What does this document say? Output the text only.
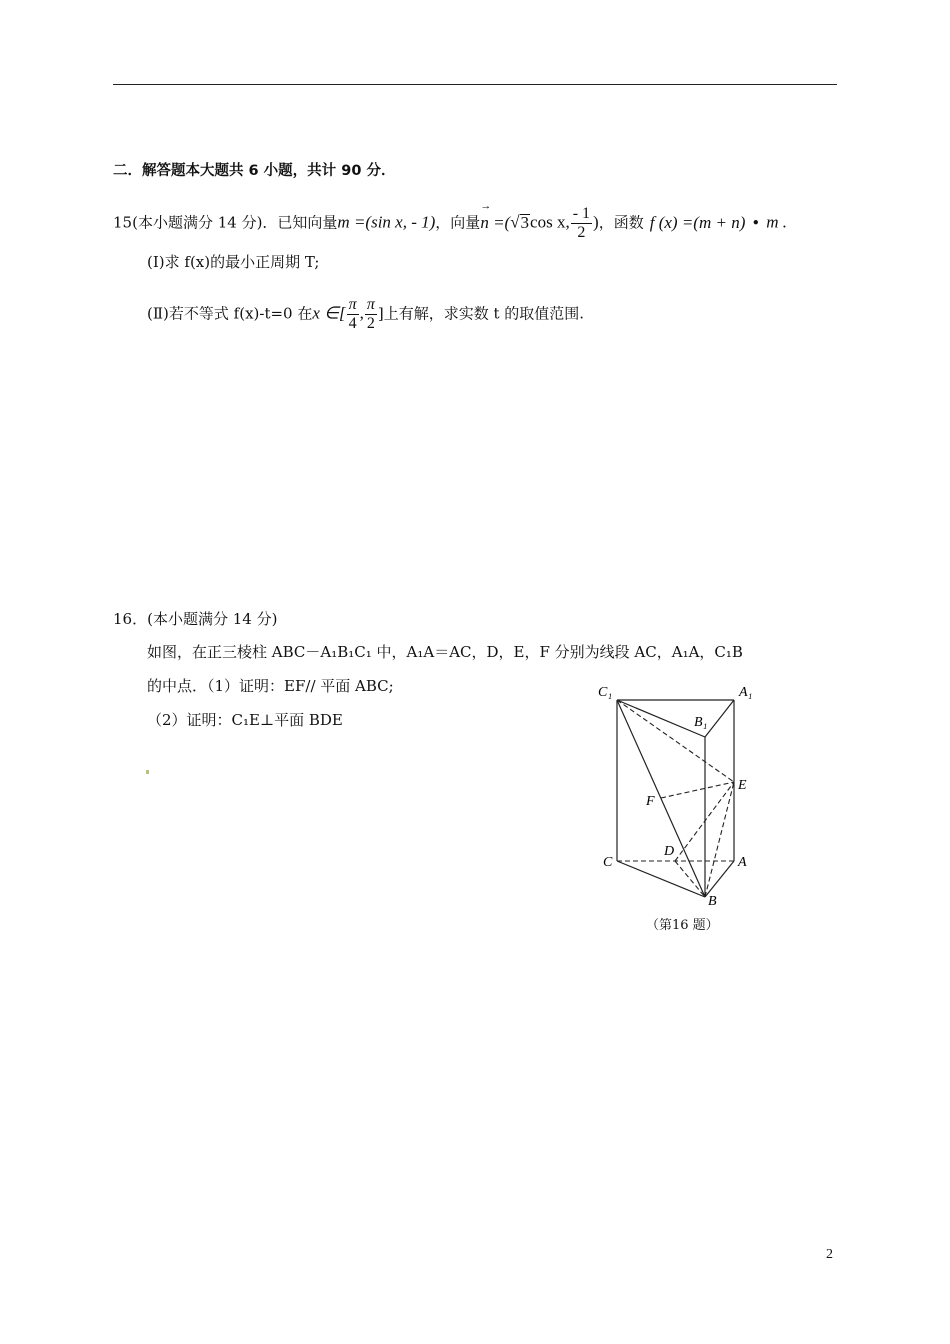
二．解答题本大题共 6 小题，共计 90 分．
15(本小题满分 14 分)．已知向量m =(sin x, - 1)，向量
→
n =(√3cos x, $\frac{- 1}{2}$ )，函数 f (x) =(m + n) • m .
(Ⅰ)求 f(x)的最小正周期 T;
(Ⅱ)若不等式 f(x)-t=0 在x ∈[ $\frac{\pi}{4}$ , $\frac{\pi}{2}$ ]上有解，求实数 t 的取值范围.
16．(本小题满分 14 分)
如图，在正三棱柱 ABC－A₁B₁C₁ 中，A₁A＝AC，D，E，F 分别为线段 AC，A₁A，C₁B
的中点．（1）证明：EF// 平面 ABC;
（2）证明：C₁E⊥平面 BDE
C₁	A₁
B₁
E
F
D
C	A
B
（第16 题）
2
